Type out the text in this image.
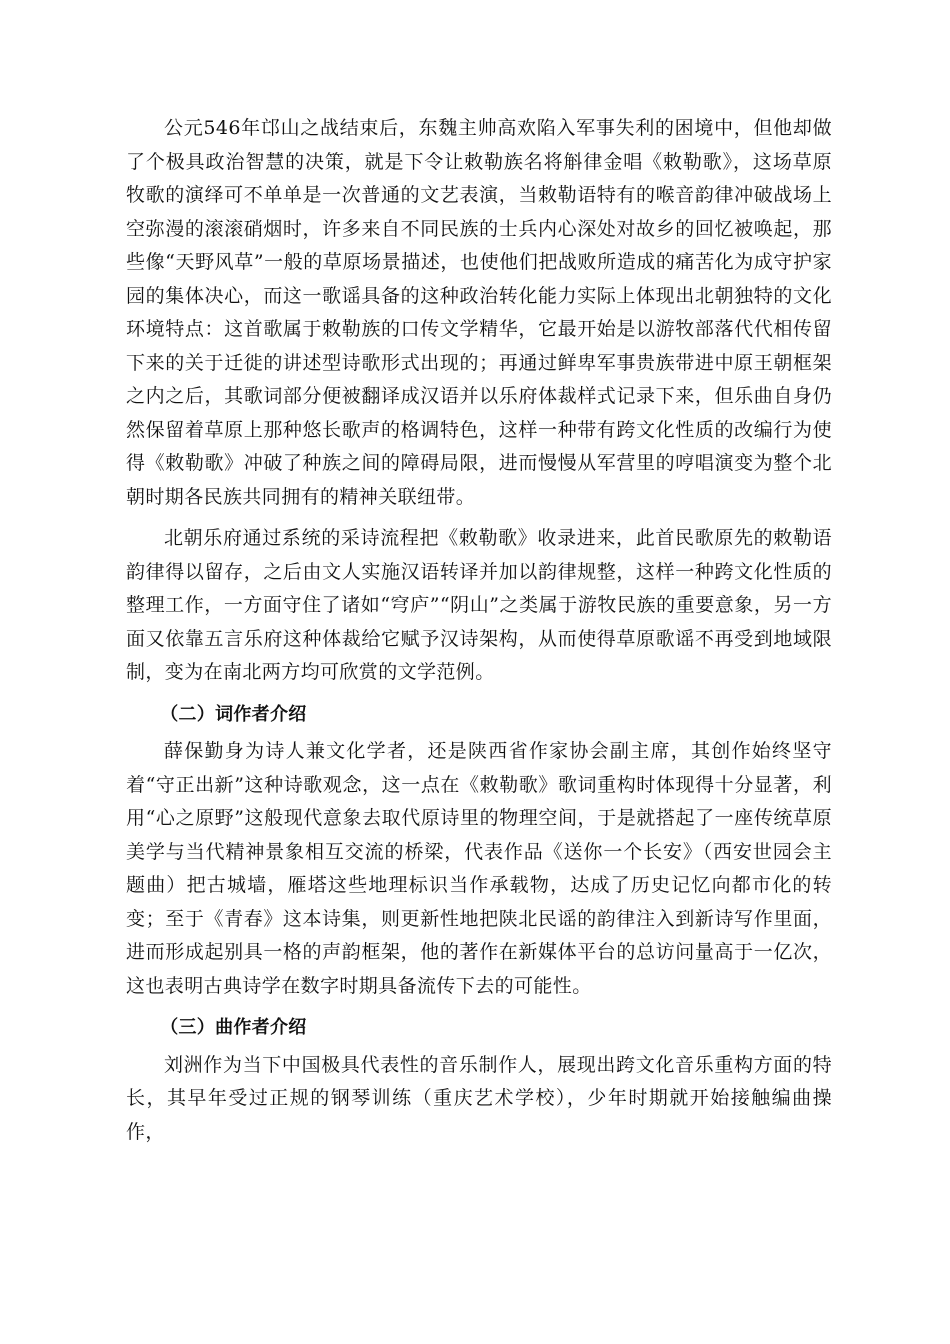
公元546年邙山之战结束后，东魏主帅高欢陷入军事失利的困境中，但他却做了个极具政治智慧的决策，就是下令让敕勒族名将斛律金唱《敕勒歌》，这场草原牧歌的演绎可不单单是一次普通的文艺表演，当敕勒语特有的喉音韵律冲破战场上空弥漫的滚滚硝烟时，许多来自不同民族的士兵内心深处对故乡的回忆被唤起，那些像“天野风草”一般的草原场景描述，也使他们把战败所造成的痛苦化为成守护家园的集体决心，而这一歌谣具备的这种政治转化能力实际上体现出北朝独特的文化环境特点：这首歌属于敕勒族的口传文学精华，它最开始是以游牧部落代代相传留下来的关于迁徙的讲述型诗歌形式出现的；再通过鲜卑军事贵族带进中原王朝框架之内之后，其歌词部分便被翻译成汉语并以乐府体裁样式记录下来，但乐曲自身仍然保留着草原上那种悠长歌声的格调特色，这样一种带有跨文化性质的改编行为使得《敕勒歌》冲破了种族之间的障碍局限，进而慢慢从军营里的哼唱演变为整个北朝时期各民族共同拥有的精神关联纽带。

北朝乐府通过系统的采诗流程把《敕勒歌》收录进来，此首民歌原先的敕勒语韵律得以留存，之后由文人实施汉语转译并加以韵律规整，这样一种跨文化性质的整理工作，一方面守住了诸如“穹庐”“阴山”之类属于游牧民族的重要意象，另一方面又依靠五言乐府这种体裁给它赋予汉诗架构，从而使得草原歌谣不再受到地域限制，变为在南北两方均可欣赏的文学范例。

（二）词作者介绍

薛保勤身为诗人兼文化学者，还是陕西省作家协会副主席，其创作始终坚守着“守正出新”这种诗歌观念，这一点在《敕勒歌》歌词重构时体现得十分显著，利用“心之原野”这般现代意象去取代原诗里的物理空间，于是就搭起了一座传统草原美学与当代精神景象相互交流的桥梁，代表作品《送你一个长安》（西安世园会主题曲）把古城墙，雁塔这些地理标识当作承载物，达成了历史记忆向都市化的转变；至于《青春》这本诗集，则更新性地把陕北民谣的韵律注入到新诗写作里面，进而形成起别具一格的声韵框架，他的著作在新媒体平台的总访问量高于一亿次，这也表明古典诗学在数字时期具备流传下去的可能性。

（三）曲作者介绍

刘洲作为当下中国极具代表性的音乐制作人，展现出跨文化音乐重构方面的特长，其早年受过正规的钢琴训练（重庆艺术学校），少年时期就开始接触编曲操作，
